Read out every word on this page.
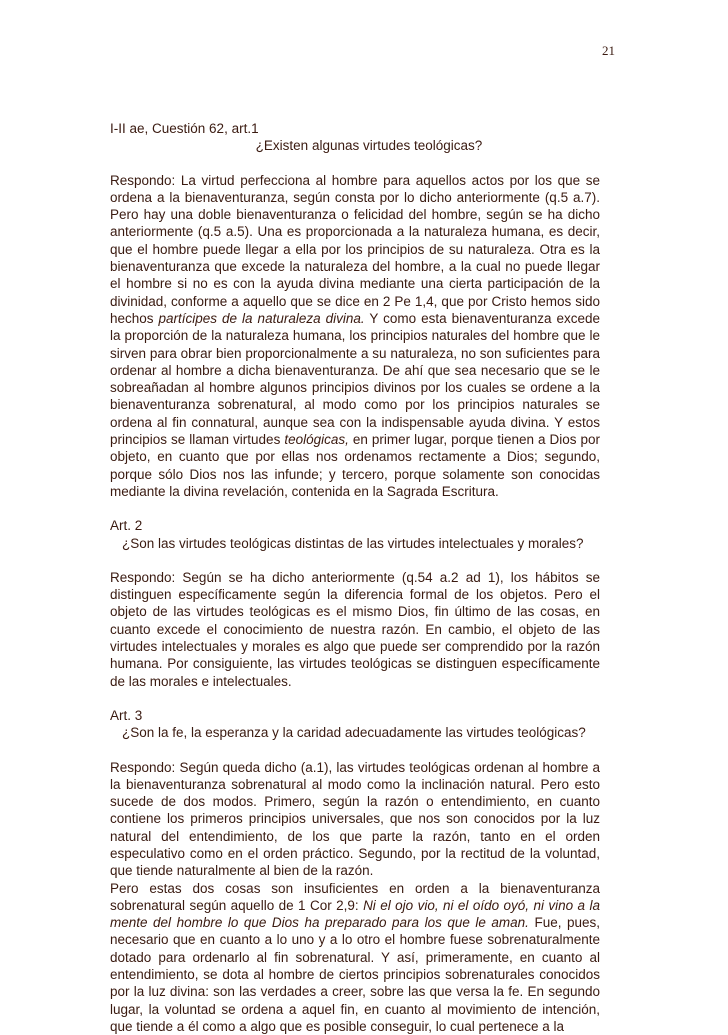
21

I-II ae, Cuestión 62, art.1

¿Existen algunas virtudes teológicas?

Respondo: La virtud perfecciona al hombre para aquellos actos por los que se ordena a la bienaventuranza, según consta por lo dicho anteriormente (q.5 a.7). Pero hay una doble bienaventuranza o felicidad del hombre, según se ha dicho anteriormente (q.5 a.5). Una es proporcionada a la naturaleza humana, es decir, que el hombre puede llegar a ella por los principios de su naturaleza. Otra es la bienaventuranza que excede la naturaleza del hombre, a la cual no puede llegar el hombre si no es con la ayuda divina mediante una cierta participación de la divinidad, conforme a aquello que se dice en 2 Pe 1,4, que por Cristo hemos sido hechos partícipes de la naturaleza divina. Y como esta bienaventuranza excede la proporción de la naturaleza humana, los principios naturales del hombre que le sirven para obrar bien proporcionalmente a su naturaleza, no son suficientes para ordenar al hombre a dicha bienaventuranza. De ahí que sea necesario que se le sobreañadan al hombre algunos principios divinos por los cuales se ordene a la bienaventuranza sobrenatural, al modo como por los principios naturales se ordena al fin connatural, aunque sea con la indispensable ayuda divina. Y estos principios se llaman virtudes teológicas, en primer lugar, porque tienen a Dios por objeto, en cuanto que por ellas nos ordenamos rectamente a Dios; segundo, porque sólo Dios nos las infunde; y tercero, porque solamente son conocidas mediante la divina revelación, contenida en la Sagrada Escritura.

Art. 2

¿Son las virtudes teológicas distintas de las virtudes intelectuales y morales?

Respondo: Según se ha dicho anteriormente (q.54 a.2 ad 1), los hábitos se distinguen específicamente según la diferencia formal de los objetos. Pero el objeto de las virtudes teológicas es el mismo Dios, fin último de las cosas, en cuanto excede el conocimiento de nuestra razón. En cambio, el objeto de las virtudes intelectuales y morales es algo que puede ser comprendido por la razón humana. Por consiguiente, las virtudes teológicas se distinguen específicamente de las morales e intelectuales.

Art. 3

¿Son la fe, la esperanza y la caridad adecuadamente las virtudes teológicas?

Respondo: Según queda dicho (a.1), las virtudes teológicas ordenan al hombre a la bienaventuranza sobrenatural al modo como la inclinación natural. Pero esto sucede de dos modos. Primero, según la razón o entendimiento, en cuanto contiene los primeros principios universales, que nos son conocidos por la luz natural del entendimiento, de los que parte la razón, tanto en el orden especulativo como en el orden práctico. Segundo, por la rectitud de la voluntad, que tiende naturalmente al bien de la razón.

Pero estas dos cosas son insuficientes en orden a la bienaventuranza sobrenatural según aquello de 1 Cor 2,9: Ni el ojo vio, ni el oído oyó, ni vino a la mente del hombre lo que Dios ha preparado para los que le aman. Fue, pues, necesario que en cuanto a lo uno y a lo otro el hombre fuese sobrenaturalmente dotado para ordenarlo al fin sobrenatural. Y así, primeramente, en cuanto al entendimiento, se dota al hombre de ciertos principios sobrenaturales conocidos por la luz divina: son las verdades a creer, sobre las que versa la fe. En segundo lugar, la voluntad se ordena a aquel fin, en cuanto al movimiento de intención, que tiende a él como a algo que es posible conseguir, lo cual pertenece a la
